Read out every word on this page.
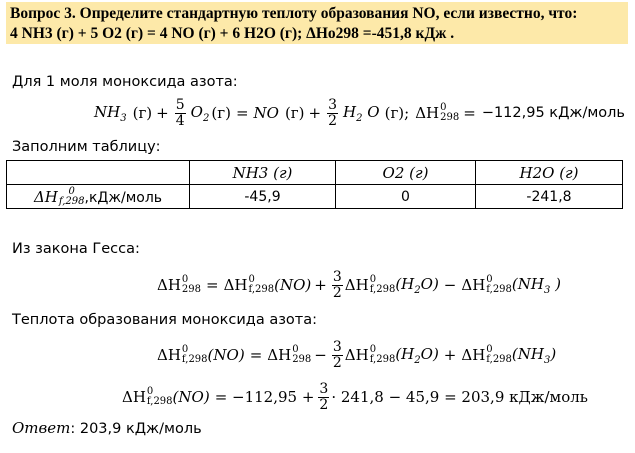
Вопрос 3. Определите стандартную теплоту образования NO, если известно, что:
4 NH3 (г) + 5 O2 (г) = 4 NO (г) + 6 H2O (г); ΔHo298 =-451,8 кДж .
Для 1 моля моноксида азота:
$NH_3$ $(г) + \frac{5}{4} O_2$ (г) = NO $(г) + \frac{3}{2} H_2$ O (г); ΔH 0
298 = −112,95 кДж/моль
Заполним таблицу:
	NH3 (г)	O2 (г)	H2O (г)

ΔH 0
f,298 ,кДж/моль	-45,9	0	-241,8
Из закона Гесса:
ΔH 0
298 = ΔH 0
f,298 $(NO) + \frac{3}{2}$ ΔH 0
f,298 $(H_2O) - \Delta H$ 0
f,298 ($NH_3$ )
Теплота образования моноксида азота:
ΔH 0
f,298 (NO) = ΔH 0
$298 - \frac{3}{2}$ ΔH 0
f,298 $(H_2O) + \Delta H$ 0
f,298 $(NH_3)$
ΔH 0
f,298 $(NO) = -112,95 + \frac{3}{2} \cdot 241,8 - 45,9 = 203,9$ кДж/моль
Ответ: 203,9 кДж/моль
